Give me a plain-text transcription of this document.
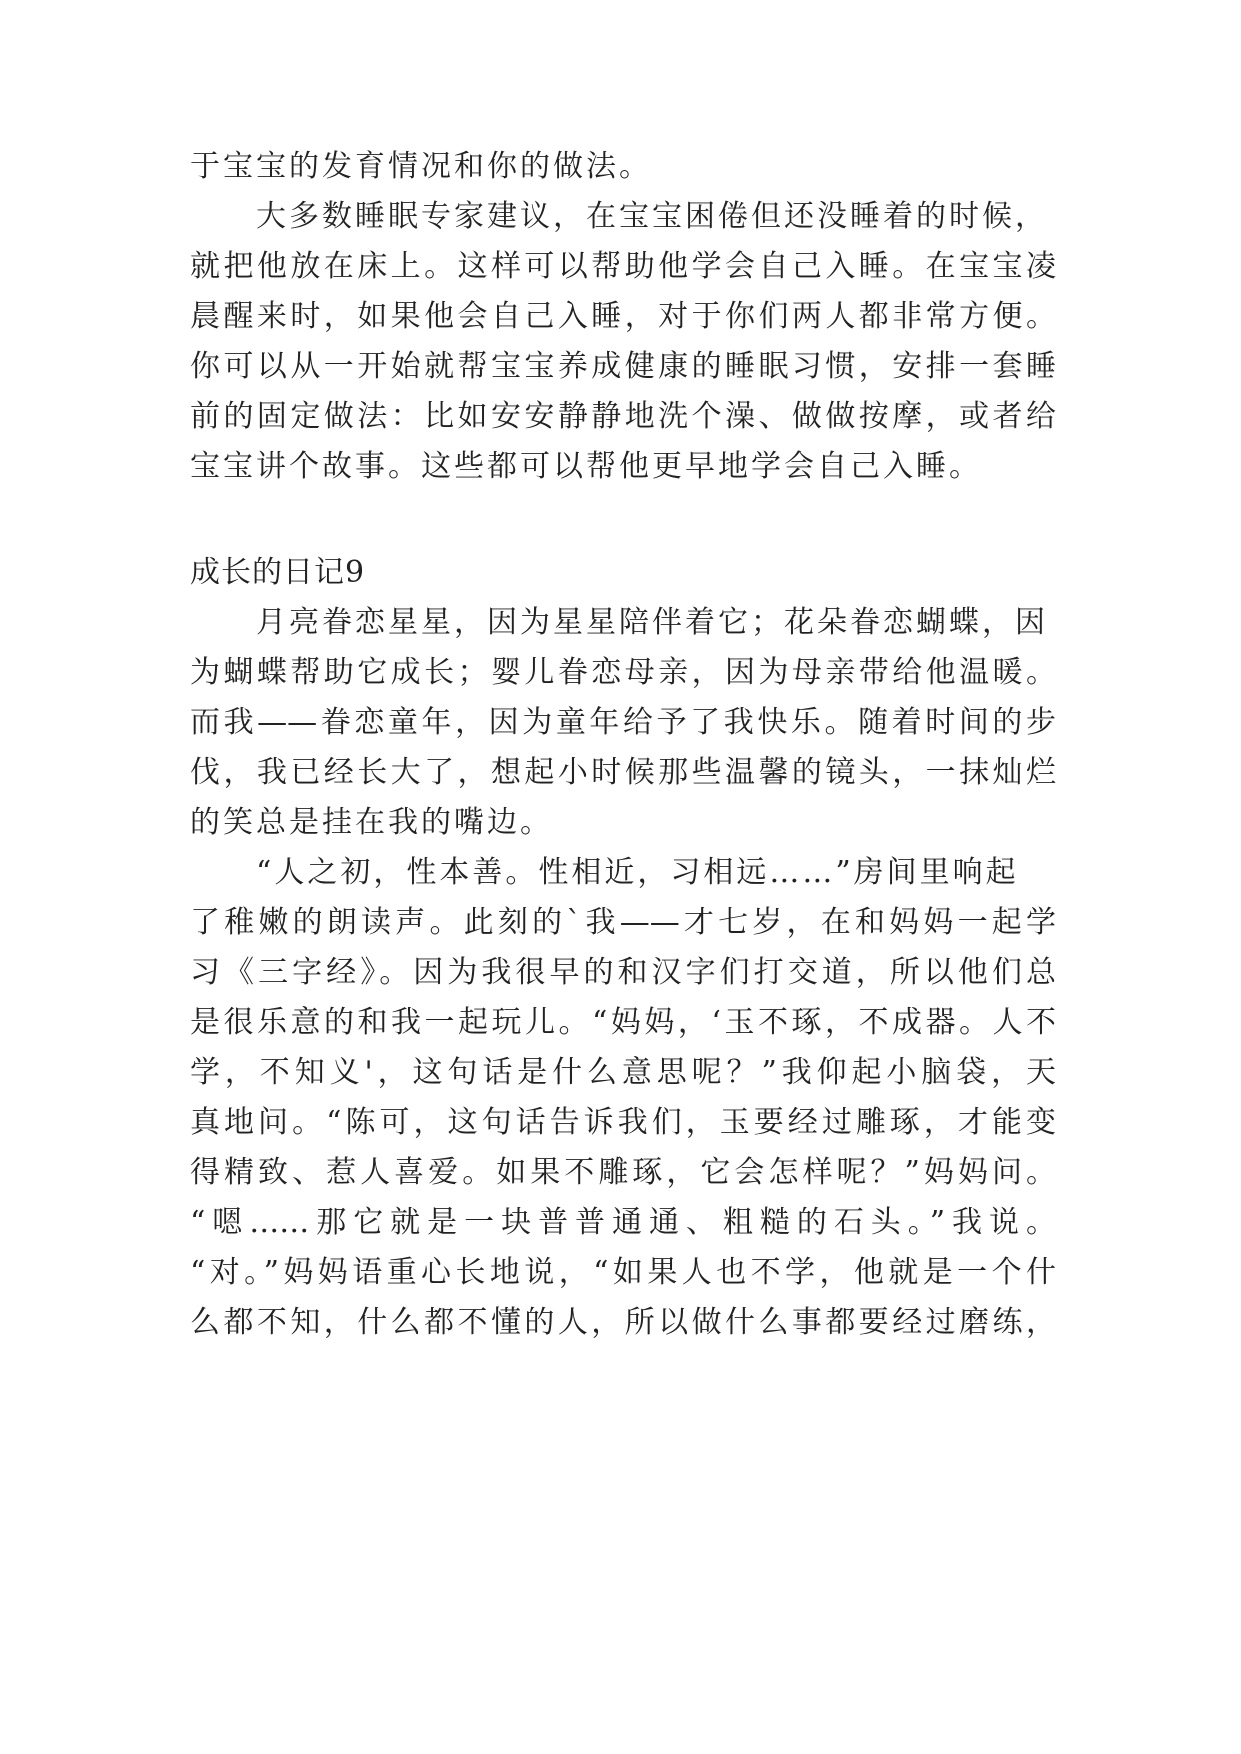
于宝宝的发育情况和你的做法。
大多数睡眠专家建议，在宝宝困倦但还没睡着的时候，
就把他放在床上。这样可以帮助他学会自己入睡。在宝宝凌
晨醒来时，如果他会自己入睡，对于你们两人都非常方便。
你可以从一开始就帮宝宝养成健康的睡眠习惯，安排一套睡
前的固定做法：比如安安静静地洗个澡、做做按摩，或者给
宝宝讲个故事。这些都可以帮他更早地学会自己入睡。
成长的日记9
月亮眷恋星星，因为星星陪伴着它；花朵眷恋蝴蝶，因
为蝴蝶帮助它成长；婴儿眷恋母亲，因为母亲带给他温暖。
而我——眷恋童年，因为童年给予了我快乐。随着时间的步
伐，我已经长大了，想起小时候那些温馨的镜头，一抹灿烂
的笑总是挂在我的嘴边。
“人之初，性本善。性相近，习相远……”房间里响起
了稚嫩的朗读声。此刻的`我——才七岁，在和妈妈一起学
习《三字经》。因为我很早的和汉字们打交道，所以他们总
是很乐意的和我一起玩儿。“妈妈，‘玉不琢，不成器。人不
学，不知义'，这句话是什么意思呢？”我仰起小脑袋，天
真地问。“陈可，这句话告诉我们，玉要经过雕琢，才能变
得精致、惹人喜爱。如果不雕琢，它会怎样呢？”妈妈问。
“嗯……那它就是一块普普通通、粗糙的石头。”我说。
“对。”妈妈语重心长地说，“如果人也不学，他就是一个什
么都不知，什么都不懂的人，所以做什么事都要经过磨练，
